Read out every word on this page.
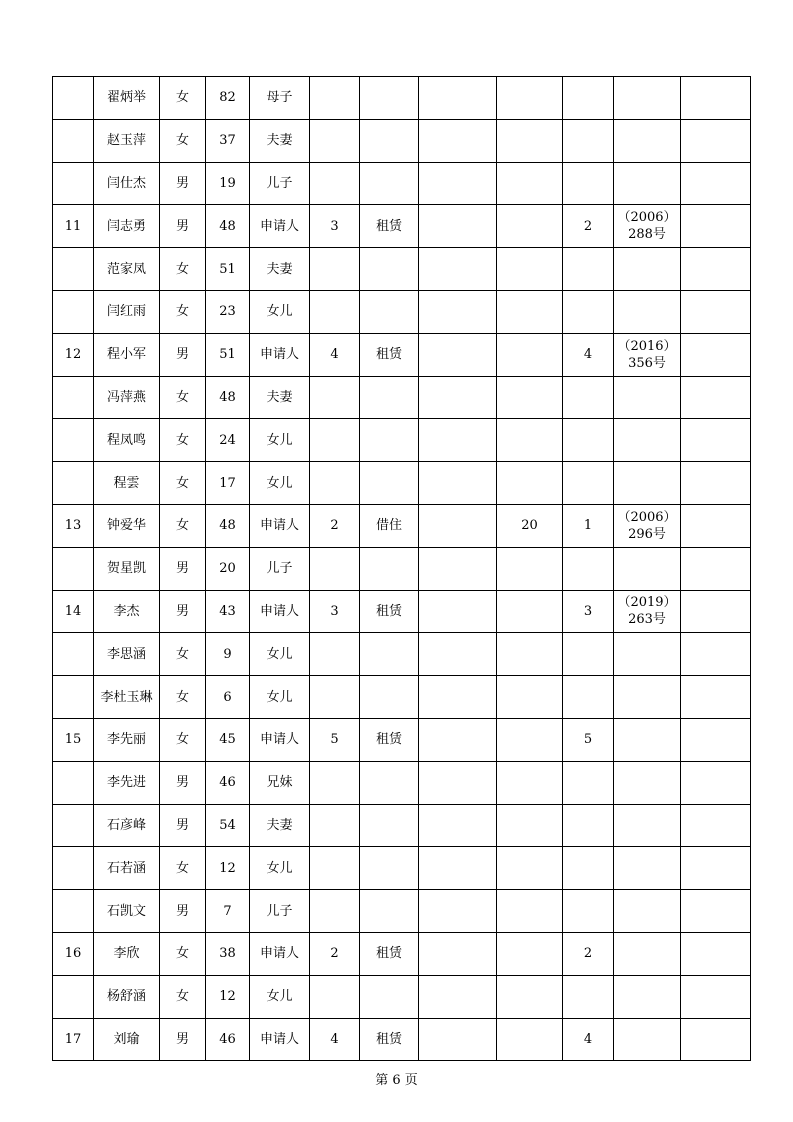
	翟炳举	女	82	母子							
	赵玉萍	女	37	夫妻							
	闫仕杰	男	19	儿子							
11	闫志勇	男	48	申请人	3	租赁			2	（2006）
288号	
	范家凤	女	51	夫妻							
	闫红雨	女	23	女儿							
12	程小军	男	51	申请人	4	租赁			4	（2016）
356号	
	冯萍燕	女	48	夫妻							
	程凤鸣	女	24	女儿							
	程雲	女	17	女儿							
13	钟爱华	女	48	申请人	2	借住		20	1	（2006）
296号	
	贺星凯	男	20	儿子							
14	李杰	男	43	申请人	3	租赁			3	（2019）
263号	
	李思涵	女	9	女儿							
	李杜玉琳	女	6	女儿							
15	李先丽	女	45	申请人	5	租赁			5		
	李先进	男	46	兄妹							
	石彦峰	男	54	夫妻							
	石若涵	女	12	女儿							
	石凯文	男	7	儿子							
16	李欣	女	38	申请人	2	租赁			2		
	杨舒涵	女	12	女儿							
17	刘瑜	男	46	申请人	4	租赁			4		
第 6 页
